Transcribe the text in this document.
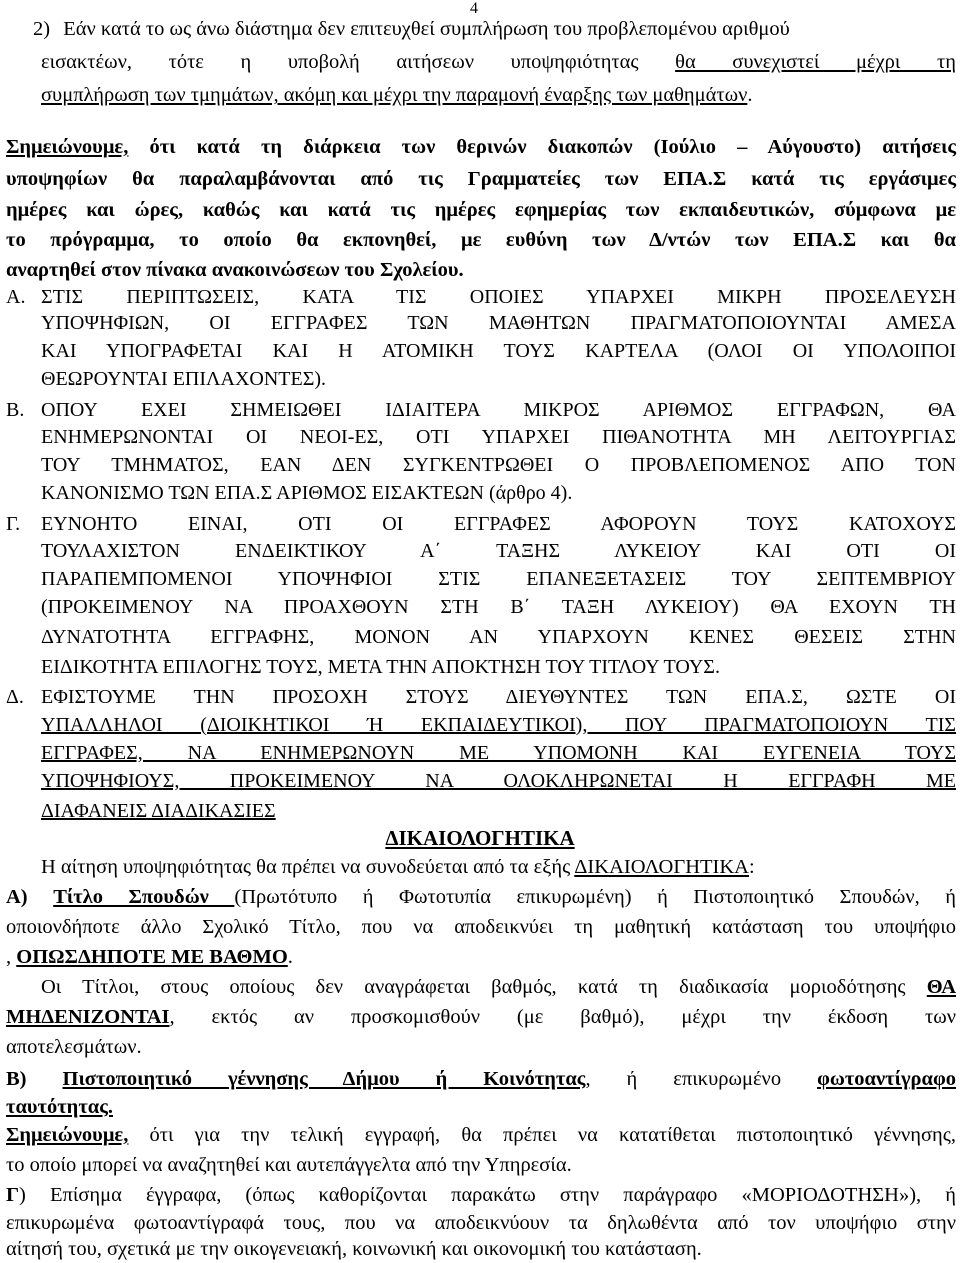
4
2) Εάν κατά το ως άνω διάστημα δεν επιτευχθεί συμπλήρωση του προβλεπομένου αριθμού
εισακτέων, τότε η υποβολή αιτήσεων υποψηφιότητας θα συνεχιστεί μέχρι τη
συμπλήρωση των τμημάτων, ακόμη και μέχρι την παραμονή έναρξης των μαθημάτων.
Σημειώνουμε, ότι κατά τη διάρκεια των θερινών διακοπών (Ιούλιο – Αύγουστο) αιτήσεις
υποψηφίων θα παραλαμβάνονται από τις Γραμματείες των ΕΠΑ.Σ κατά τις εργάσιμες
ημέρες και ώρες, καθώς και κατά τις ημέρες εφημερίας των εκπαιδευτικών, σύμφωνα με
το πρόγραμμα, το οποίο θα εκπονηθεί, με ευθύνη των Δ/ντών των ΕΠΑ.Σ και θα
αναρτηθεί στον πίνακα ανακοινώσεων του Σχολείου.
Α. ΣΤΙΣ ΠΕΡΙΠΤΩΣΕΙΣ, ΚΑΤΑ ΤΙΣ ΟΠΟΙΕΣ ΥΠΑΡΧΕΙ ΜΙΚΡΗ ΠΡΟΣΕΛΕΥΣΗ
ΥΠΟΨΗΦΙΩΝ, ΟΙ ΕΓΓΡΑΦΕΣ ΤΩΝ ΜΑΘΗΤΩΝ ΠΡΑΓΜΑΤΟΠΟΙΟΥΝΤΑΙ ΑΜΕΣΑ
ΚΑΙ ΥΠΟΓΡΑΦΕΤΑΙ ΚΑΙ Η ΑΤΟΜΙΚΗ ΤΟΥΣ ΚΑΡΤΕΛΑ (ΟΛΟΙ ΟΙ ΥΠΟΛΟΙΠΟΙ
ΘΕΩΡΟΥΝΤΑΙ ΕΠΙΛΑΧΟΝΤΕΣ).
Β. ΟΠΟΥ ΕΧΕΙ ΣΗΜΕΙΩΘΕΙ ΙΔΙΑΙΤΕΡΑ ΜΙΚΡΟΣ ΑΡΙΘΜΟΣ ΕΓΓΡΑΦΩΝ, ΘΑ
ΕΝΗΜΕΡΩΝΟΝΤΑΙ ΟΙ ΝΕΟΙ-ΕΣ, ΟΤΙ ΥΠΑΡΧΕΙ ΠΙΘΑΝΟΤΗΤΑ ΜΗ ΛΕΙΤΟΥΡΓΙΑΣ
ΤΟΥ ΤΜΗΜΑΤΟΣ, ΕΑΝ ΔΕΝ ΣΥΓΚΕΝΤΡΩΘΕΙ Ο ΠΡΟΒΛΕΠΟΜΕΝΟΣ ΑΠΟ ΤΟΝ
ΚΑΝΟΝΙΣΜΟ ΤΩΝ ΕΠΑ.Σ ΑΡΙΘΜΟΣ ΕΙΣΑΚΤΕΩΝ (άρθρο 4).
Γ. ΕΥΝΟΗΤΟ ΕΙΝΑΙ, ΟΤΙ ΟΙ ΕΓΓΡΑΦΕΣ ΑΦΟΡΟΥΝ ΤΟΥΣ ΚΑΤΟΧΟΥΣ
ΤΟΥΛΑΧΙΣΤΟΝ ΕΝΔΕΙΚΤΙΚΟΥ Α΄ ΤΑΞΗΣ ΛΥΚΕΙΟΥ ΚΑΙ ΟΤΙ ΟΙ
ΠΑΡΑΠΕΜΠΟΜΕΝΟΙ ΥΠΟΨΗΦΙΟΙ ΣΤΙΣ ΕΠΑΝΕΞΕΤΑΣΕΙΣ ΤΟΥ ΣΕΠΤΕΜΒΡΙΟΥ
(ΠΡΟΚΕΙΜΕΝΟΥ ΝΑ ΠΡΟΑΧΘΟΥΝ ΣΤΗ Β΄ ΤΑΞΗ ΛΥΚΕΙΟΥ) ΘΑ ΕΧΟΥΝ ΤΗ
ΔΥΝΑΤΟΤΗΤΑ ΕΓΓΡΑΦΗΣ, ΜΟΝΟΝ ΑΝ ΥΠΑΡΧΟΥΝ ΚΕΝΕΣ ΘΕΣΕΙΣ ΣΤΗΝ
ΕΙΔΙΚΟΤΗΤΑ ΕΠΙΛΟΓΗΣ ΤΟΥΣ, ΜΕΤΑ ΤΗΝ ΑΠΟΚΤΗΣΗ ΤΟΥ ΤΙΤΛΟΥ ΤΟΥΣ.
Δ. ΕΦΙΣΤΟΥΜΕ ΤΗΝ ΠΡΟΣΟΧΗ ΣΤΟΥΣ ΔΙΕΥΘΥΝΤΕΣ ΤΩΝ ΕΠΑ.Σ, ΩΣΤΕ ΟΙ
ΥΠΑΛΛΗΛΟΙ (ΔΙΟΙΚΗΤΙΚΟΙ Ή ΕΚΠΑΙΔΕΥΤΙΚΟΙ), ΠΟΥ ΠΡΑΓΜΑΤΟΠΟΙΟΥΝ ΤΙΣ
ΕΓΓΡΑΦΕΣ, ΝΑ ΕΝΗΜΕΡΩΝΟΥΝ ΜΕ ΥΠΟΜΟΝΗ ΚΑΙ ΕΥΓΕΝΕΙΑ ΤΟΥΣ
ΥΠΟΨΗΦΙΟΥΣ, ΠΡΟΚΕΙΜΕΝΟΥ ΝΑ ΟΛΟΚΛΗΡΩΝΕΤΑΙ Η ΕΓΓΡΑΦΗ ΜΕ
ΔΙΑΦΑΝΕΙΣ ΔΙΑΔΙΚΑΣΙΕΣ
ΔΙΚΑΙΟΛΟΓΗΤΙΚΑ
Η αίτηση υποψηφιότητας θα πρέπει να συνοδεύεται από τα εξής ΔΙΚΑΙΟΛΟΓΗΤΙΚΑ:
Α) Τίτλο Σπουδών (Πρωτότυπο ή Φωτοτυπία επικυρωμένη) ή Πιστοποιητικό Σπουδών, ή
οποιονδήποτε άλλο Σχολικό Τίτλο, που να αποδεικνύει τη μαθητική κατάσταση του υποψήφιο
, ΟΠΩΣΔΗΠΟΤΕ ΜΕ ΒΑΘΜΟ.
Οι Τίτλοι, στους οποίους δεν αναγράφεται βαθμός, κατά τη διαδικασία μοριοδότησης ΘΑ
ΜΗΔΕΝΙΖΟΝΤΑΙ, εκτός αν προσκομισθούν (με βαθμό), μέχρι την έκδοση των
αποτελεσμάτων.
Β) Πιστοποιητικό γέννησης Δήμου ή Κοινότητας, ή επικυρωμένο φωτοαντίγραφο
ταυτότητας.
Σημειώνουμε, ότι για την τελική εγγραφή, θα πρέπει να κατατίθεται πιστοποιητικό γέννησης,
το οποίο μπορεί να αναζητηθεί και αυτεπάγγελτα από την Υπηρεσία.
Γ) Επίσημα έγγραφα, (όπως καθορίζονται παρακάτω στην παράγραφο «ΜΟΡΙΟΔΟΤΗΣΗ»), ή
επικυρωμένα φωτοαντίγραφά τους, που να αποδεικνύουν τα δηλωθέντα από τον υποψήφιο στην
αίτησή του, σχετικά με την οικογενειακή, κοινωνική και οικονομική του κατάσταση.
